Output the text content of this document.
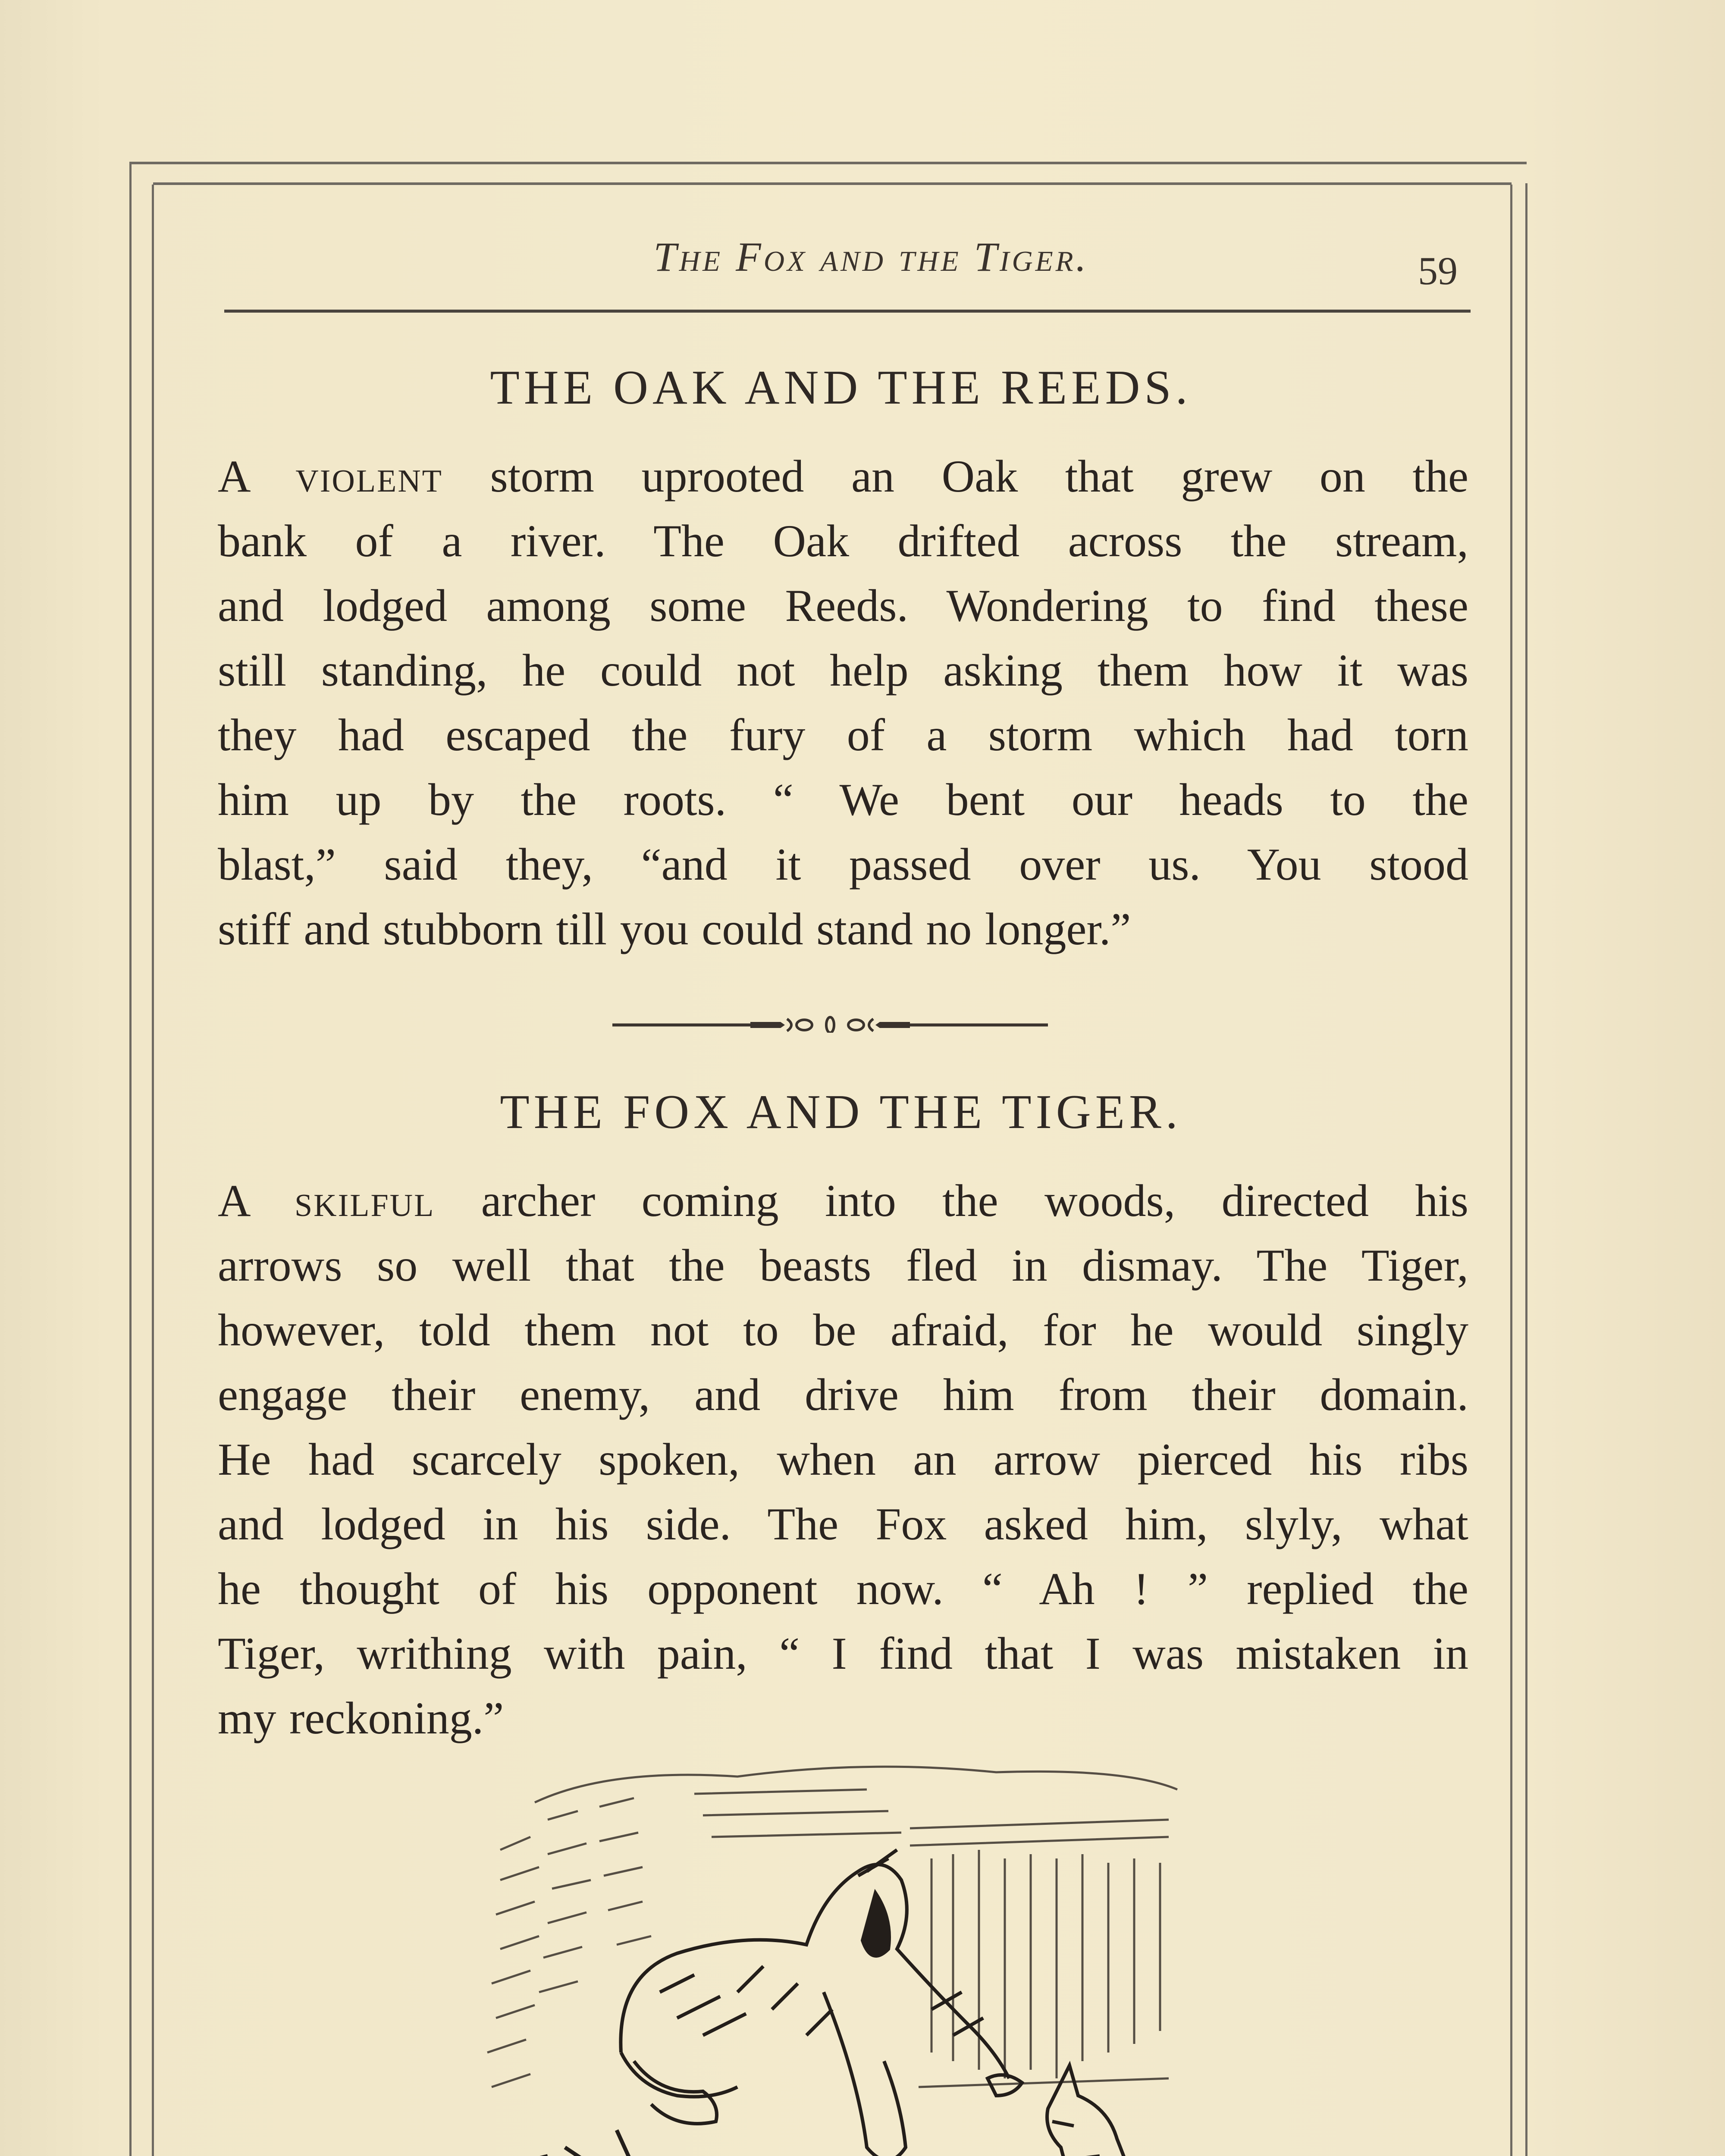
The Fox and the Tiger.	59
THE OAK AND THE REEDS.
A violent storm uprooted an Oak that grew on the
bank of a river. The Oak drifted across the stream,
and lodged among some Reeds. Wondering to find these
still standing, he could not help asking them how it was
they had escaped the fury of a storm which had torn
him up by the roots. “ We bent our heads to the
blast,” said they, “and it passed over us. You stood
stiff and stubborn till you could stand no longer.”
THE FOX AND THE TIGER.
A skilful archer coming into the woods, directed his
arrows so well that the beasts fled in dismay. The Tiger,
however, told them not to be afraid, for he would singly
engage their enemy, and drive him from their domain.
He had scarcely spoken, when an arrow pierced his ribs
and lodged in his side. The Fox asked him, slyly, what
he thought of his opponent now. “ Ah ! ” replied the
Tiger, writhing with pain, “ I find that I was mistaken in
my reckoning.”
